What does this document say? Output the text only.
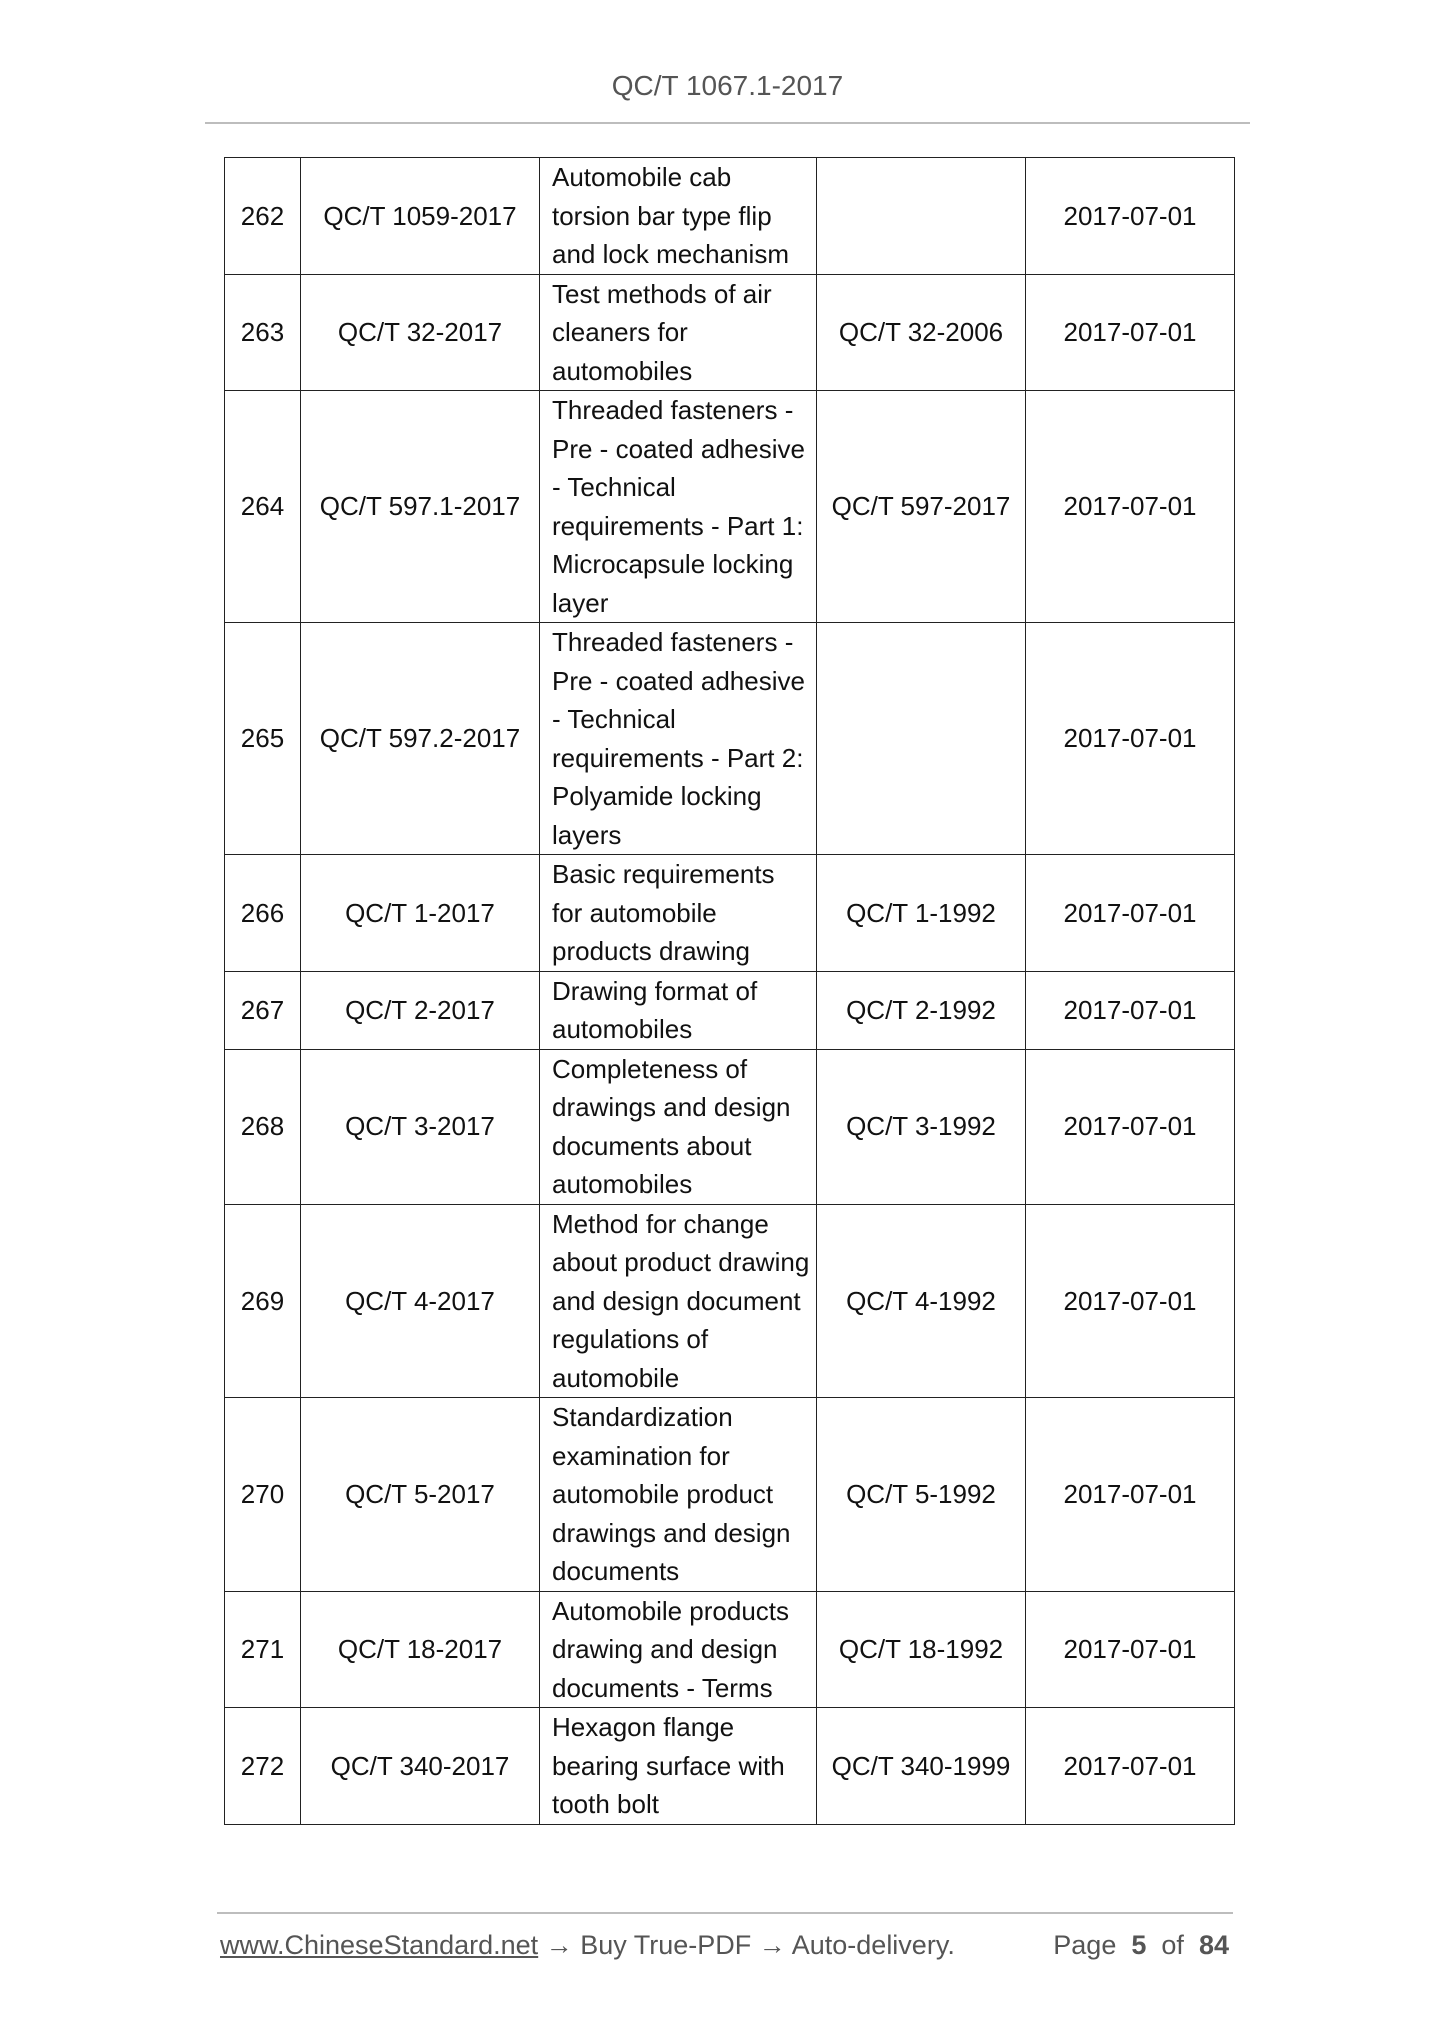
QC/T 1067.1-2017
262	QC/T 1059-2017	Automobile cab torsion bar type flip and lock mechanism		2017-07-01
263	QC/T 32-2017	Test methods of air cleaners for automobiles	QC/T 32-2006	2017-07-01
264	QC/T 597.1-2017	Threaded fasteners - Pre - coated adhesive - Technical requirements - Part 1: Microcapsule locking layer	QC/T 597-2017	2017-07-01
265	QC/T 597.2-2017	Threaded fasteners - Pre - coated adhesive - Technical requirements - Part 2: Polyamide locking layers		2017-07-01
266	QC/T 1-2017	Basic requirements for automobile products drawing	QC/T 1-1992	2017-07-01
267	QC/T 2-2017	Drawing format of automobiles	QC/T 2-1992	2017-07-01
268	QC/T 3-2017	Completeness of drawings and design documents about automobiles	QC/T 3-1992	2017-07-01
269	QC/T 4-2017	Method for change about product drawing and design document regulations of automobile	QC/T 4-1992	2017-07-01
270	QC/T 5-2017	Standardization examination for automobile product drawings and design documents	QC/T 5-1992	2017-07-01
271	QC/T 18-2017	Automobile products drawing and design documents - Terms	QC/T 18-1992	2017-07-01
272	QC/T 340-2017	Hexagon flange bearing surface with tooth bolt	QC/T 340-1999	2017-07-01
www.ChineseStandard.net → Buy True-PDF → Auto-delivery.	Page 5 of 84
